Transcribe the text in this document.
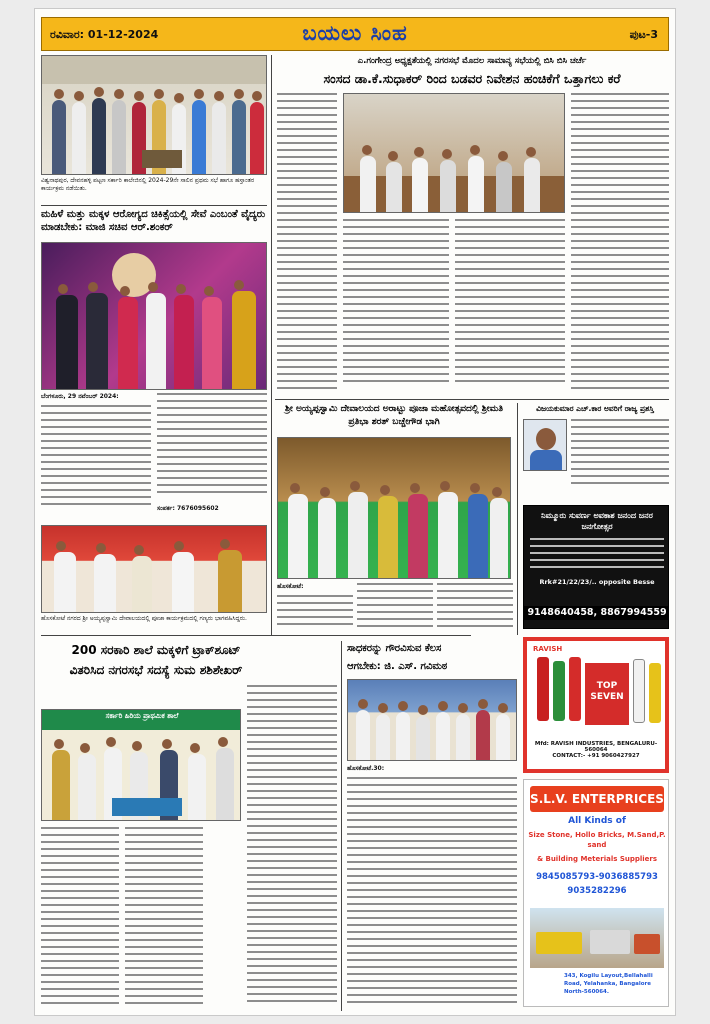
ರವಿವಾರ: 01-12-2024	ಬಯಲು ಸಿಂಹ	ಪುಟ-3
ವಿಶ್ವನಾಥಪುರ, ದೇವನಹಳ್ಳಿ ಪಟ್ಟಣ ಸರ್ಕಾರಿ ಕಾಲೇಜಿನಲ್ಲಿ 2024-29ನೇ ಸಾಲಿನ ಪ್ರಥಮ ಸಭೆ ಹಾಗೂ ಹಸ್ತಾಂತರ ಕಾರ್ಯಕ್ರಮ ನಡೆಯಿತು.
ಮಹಿಳೆ ಮತ್ತು ಮಕ್ಕಳ ಆರೋಗ್ಯದ ಚಿಕಿತ್ಸೆಯಲ್ಲಿ ಸೇವೆ ಎಂಬಂತೆ ವೈದ್ಯರು ಮಾಡಬೇಕು: ಮಾಜಿ ಸಚಿವ ಆರ್.ಶಂಕರ್
ಬೆಂಗಳೂರು, 29 ನವೆಂಬರ್ 2024:
ಸಂಪರ್ಕ: 7676095602
ಹೊಸಕೋಟೆ ನಗರದ ಶ್ರೀ ಅಯ್ಯಪ್ಪಸ್ವಾಮಿ ದೇವಾಲಯದಲ್ಲಿ ಪೂಜಾ ಕಾರ್ಯಕ್ರಮದಲ್ಲಿ ಗಣ್ಯರು ಭಾಗವಹಿಸಿದ್ದರು.
ಎ.ಗಂಗೇಂದ್ರ ಅಧ್ಯಕ್ಷತೆಯಲ್ಲಿ ನಗರಸಭೆ ಮೊದಲ ಸಾಮಾನ್ಯ ಸಭೆಯಲ್ಲಿ ಬಿಸಿ ಬಿಸಿ ಚರ್ಚೆ
ಸಂಸದ ಡಾ.ಕೆ.ಸುಧಾಕರ್ ರಿಂದ ಬಡವರ ನಿವೇಶನ ಹಂಚಿಕೆಗೆ ಒತ್ತಾಗಲು ಕರೆ
ಶ್ರೀ ಅಯ್ಯಪ್ಪಸ್ವಾಮಿ ದೇವಾಲಯದ ಅರಾಟ್ಟು ಪೂಜಾ ಮಹೋತ್ಸವದಲ್ಲಿ ಶ್ರೀಮತಿ ಪ್ರತಿಭಾ ಶರತ್ ಬಚ್ಚೇಗೌಡ ಭಾಗಿ
ಹೊಸಕೋಟೆ:
ವಿಜಯಕುಮಾರ ಎಚ್.ಕಾರ ಅವರಿಗೆ ರಾಜ್ಯ ಪ್ರಶಸ್ತಿ
ನಿಮ್ಮೂರು ಸುವರ್ಣ ಅವಕಾಶ ಜನಂದ ಜನರ ಜನಗೋತ್ಸರ
Rrk#21/22/23/.. opposite Besse
9148640458, 8867994559
RAVISH
TOP SEVEN
Mfd: RAVISH INDUSTRIES, BENGALURU-560064
CONTACT:- +91 9060427927
S.L.V. ENTERPRICES
All Kinds of
Size Stone, Hollo Bricks, M.Sand,P. sand
& Building Meterials Suppliers
9845085793-9036885793
9035282296
343, Kogilu Layout,Bellahalli Road, Yelahanka, Bangalore North-560064.
200 ಸರಕಾರಿ ಶಾಲೆ ಮಕ್ಕಳಿಗೆ ಟ್ರಾಕ್‌ಶೂಟ್
ವಿತರಿಸಿದ ನಗರಸಭೆ ಸದಸ್ಯೆ ಸುಮ ಶಶಿಶೇಖರ್
ಸರ್ಕಾರಿ ಹಿರಿಯ ಪ್ರಾಥಮಿಕ ಶಾಲೆ
ಸಾಧಕರನ್ನು ಗೌರವಿಸುವ ಕೆಲಸ
ಆಗಬೇಕು: ಜಿ. ಎಸ್. ಗವಿಮಠ
ಹೊಸಕೋಟೆ.30:
